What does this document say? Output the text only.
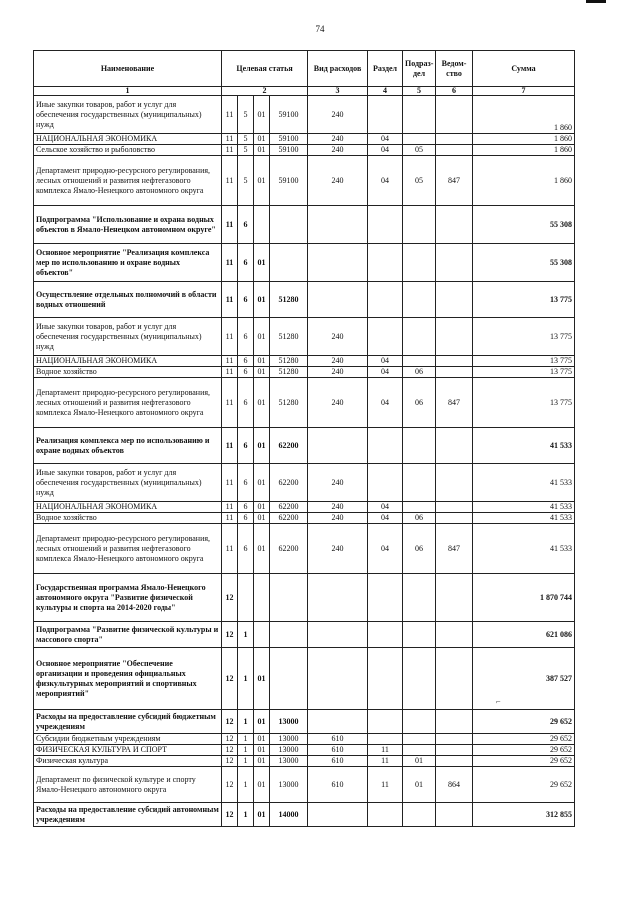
74
Наименование	Целевая статья				Вид расходов	Раздел	Подраз-дел	Ведом-ство	Сумма
1	2				3	4	5	6	7
Иные закупки товаров, работ и услуг для обеспечения государственных (муниципальных) нужд	11	5	01	59100	240				1 860
НАЦИОНАЛЬНАЯ ЭКОНОМИКА	11	5	01	59100	240	04			1 860
Сельское хозяйство и рыболовство	11	5	01	59100	240	04	05		1 860
Департамент природно-ресурсного регулирования, лесных отношений и развития нефтегазового комплекса Ямало-Ненецкого автономного округа	11	5	01	59100	240	04	05	847	1 860
Подпрограмма "Использование и охрана водных объектов в Ямало-Ненецком автономном округе"	11	6							55 308
Основное мероприятие "Реализация комплекса мер по использованию и охране водных объектов"	11	6	01						55 308
Осуществление отдельных полномочий в области водных отношений	11	6	01	51280					13 775
Иные закупки товаров, работ и услуг для обеспечения государственных (муниципальных) нужд	11	6	01	51280	240				13 775
НАЦИОНАЛЬНАЯ ЭКОНОМИКА	11	6	01	51280	240	04			13 775
Водное хозяйство	11	6	01	51280	240	04	06		13 775
Департамент природно-ресурсного регулирования, лесных отношений и развития нефтегазового комплекса Ямало-Ненецкого автономного округа	11	6	01	51280	240	04	06	847	13 775
Реализация комплекса мер по использованию и охране водных объектов	11	6	01	62200					41 533
Иные закупки товаров, работ и услуг для обеспечения государственных (муниципальных) нужд	11	6	01	62200	240				41 533
НАЦИОНАЛЬНАЯ ЭКОНОМИКА	11	6	01	62200	240	04			41 533
Водное хозяйство	11	6	01	62200	240	04	06		41 533
Департамент природно-ресурсного регулирования, лесных отношений и развития нефтегазового комплекса Ямало-Ненецкого автономного округа	11	6	01	62200	240	04	06	847	41 533
Государственная программа Ямало-Ненецкого автономного округа "Развитие физической культуры и спорта на 2014-2020 годы"	12								1 870 744
Подпрограмма "Развитие физической культуры и массового спорта"	12	1							621 086
Основное мероприятие "Обеспечение организации и проведения официальных физкультурных мероприятий и спортивных мероприятий"	12	1	01						387 527
Расходы на предоставление субсидий бюджетным учреждениям	12	1	01	13000					29 652
Субсидии бюджетным учреждениям	12	1	01	13000	610				29 652
ФИЗИЧЕСКАЯ КУЛЬТУРА И СПОРТ	12	1	01	13000	610	11			29 652
Физическая культура	12	1	01	13000	610	11	01		29 652
Департамент по физической культуре и спорту Ямало-Ненецкого автономного округа	12	1	01	13000	610	11	01	864	29 652
Расходы на предоставление субсидий автономным учреждениям	12	1	01	14000					312 855
⌐
